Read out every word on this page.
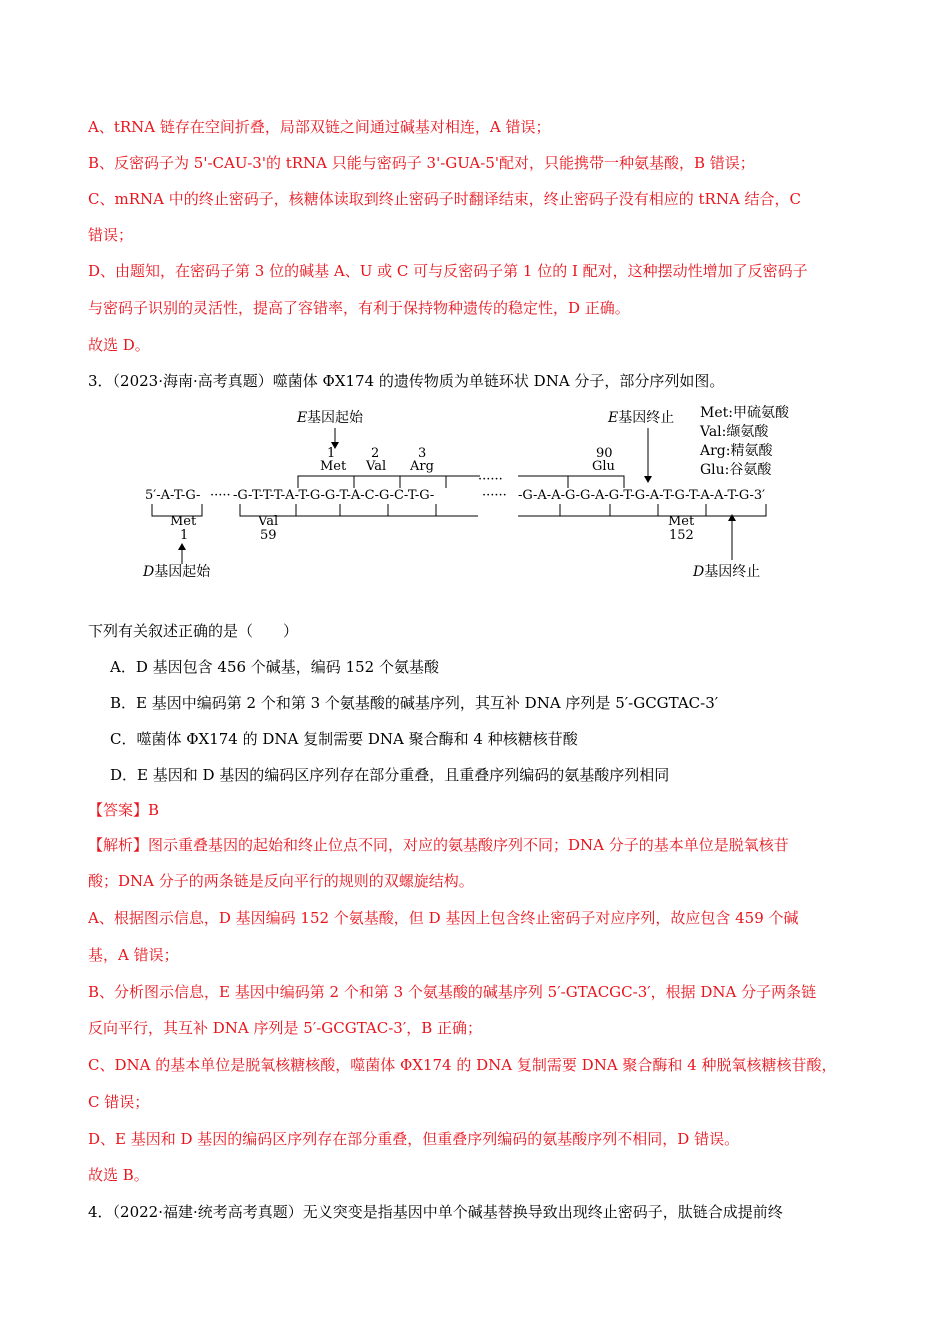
A、tRNA 链存在空间折叠，局部双链之间通过碱基对相连，A 错误；
B、反密码子为 5'-CAU-3'的 tRNA 只能与密码子 3'-GUA-5'配对，只能携带一种氨基酸，B 错误；
C、mRNA 中的终止密码子，核糖体读取到终止密码子时翻译结束，终止密码子没有相应的 tRNA 结合，C
错误；
D、由题知，在密码子第 3 位的碱基 A、U 或 C 可与反密码子第 1 位的 I 配对，这种摆动性增加了反密码子
与密码子识别的灵活性，提高了容错率，有利于保持物种遗传的稳定性，D 正确。
故选 D。
3．（2023·海南·高考真题）噬菌体 ΦX174 的遗传物质为单链环状 DNA 分子，部分序列如图。
E 基因起始	E基因终止 Met:甲硫氨酸
Val:缬氨酸
Arg:精氨酸
Glu:谷氨酸
1
Met
2
Val
3
Arg
90
Glu
5′-A-T-G- ····· -G-T-T-T-A-T-G-G-T-A-C-G-C-T-G-
······
······ -G-A-A-G-G-A-G-T-G-A-T-G-T-A-A-T-G-3′
Met
1
Val
59
Met
152
D基因起始	D基因终止
下列有关叙述正确的是（　　）
A．D 基因包含 456 个碱基，编码 152 个氨基酸
B．E 基因中编码第 2 个和第 3 个氨基酸的碱基序列，其互补 DNA 序列是 5′-GCGTAC-3′
C．噬菌体 ΦX174 的 DNA 复制需要 DNA 聚合酶和 4 种核糖核苷酸
D．E 基因和 D 基因的编码区序列存在部分重叠，且重叠序列编码的氨基酸序列相同
【答案】B
【解析】图示重叠基因的起始和终止位点不同，对应的氨基酸序列不同；DNA 分子的基本单位是脱氧核苷
酸；DNA 分子的两条链是反向平行的规则的双螺旋结构。
A、根据图示信息，D 基因编码 152 个氨基酸，但 D 基因上包含终止密码子对应序列，故应包含 459 个碱
基，A 错误；
B、分析图示信息，E 基因中编码第 2 个和第 3 个氨基酸的碱基序列 5′-GTACGC-3′，根据 DNA 分子两条链
反向平行，其互补 DNA 序列是 5′-GCGTAC-3′，B 正确；
C、DNA 的基本单位是脱氧核糖核酸，噬菌体 ΦX174 的 DNA 复制需要 DNA 聚合酶和 4 种脱氧核糖核苷酸，
C 错误；
D、E 基因和 D 基因的编码区序列存在部分重叠，但重叠序列编码的氨基酸序列不相同，D 错误。
故选 B。
4．（2022·福建·统考高考真题）无义突变是指基因中单个碱基替换导致出现终止密码子，肽链合成提前终
